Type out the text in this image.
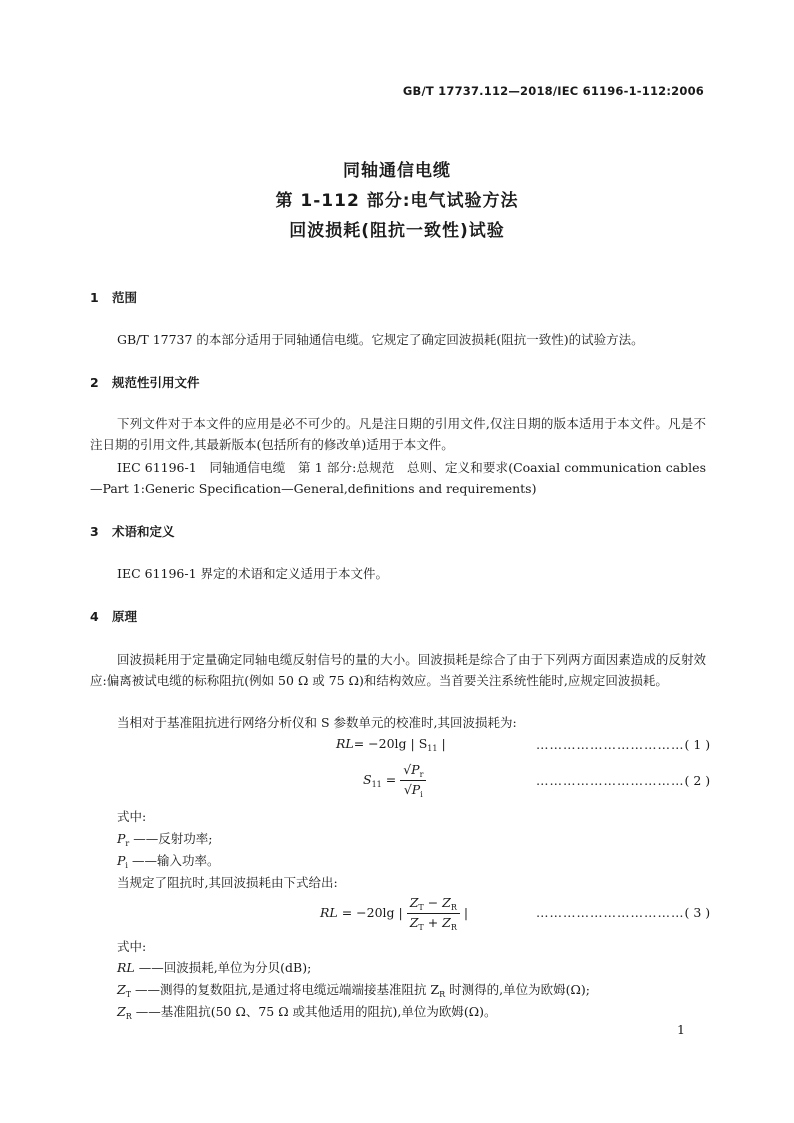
GB/T 17737.112—2018/IEC 61196-1-112:2006
同轴通信电缆
第 1-112 部分:电气试验方法
回波损耗(阻抗一致性)试验
1 范围
GB/T 17737 的本部分适用于同轴通信电缆。它规定了确定回波损耗(阻抗一致性)的试验方法。
2 规范性引用文件
下列文件对于本文件的应用是必不可少的。凡是注日期的引用文件,仅注日期的版本适用于本文件。凡是不注日期的引用文件,其最新版本(包括所有的修改单)适用于本文件。
IEC 61196-1　同轴通信电缆　第 1 部分:总规范　总则、定义和要求(Coaxial communication cables—Part 1:Generic Specification—General,definitions and requirements)
3 术语和定义
IEC 61196-1 界定的术语和定义适用于本文件。
4 原理
回波损耗用于定量确定同轴电缆反射信号的量的大小。回波损耗是综合了由于下列两方面因素造成的反射效应:偏离被试电缆的标称阻抗(例如 50 Ω 或 75 Ω)和结构效应。当首要关注系统性能时,应规定回波损耗。
当相对于基准阻抗进行网络分析仪和 S 参数单元的校准时,其回波损耗为:
RL= −20lg | $S_{11}$ |	……………………………( 1 )
$S_{11} = \frac{√P_r}{√P_i}$	……………………………( 2 )
式中:
$P_r$ ——反射功率;
$P_i$ ——输入功率。
当规定了阻抗时,其回波损耗由下式给出:
RL = −20lg | $\frac{Z_T - Z_R}{Z_T + Z_R}$ |	……………………………( 3 )
式中:
RL ——回波损耗,单位为分贝(dB);
$Z_T$ ——测得的复数阻抗,是通过将电缆远端端接基准阻抗 $Z_R$ 时测得的,单位为欧姆(Ω);
$Z_R$ ——基准阻抗(50 Ω、75 Ω 或其他适用的阻抗),单位为欧姆(Ω)。
1
